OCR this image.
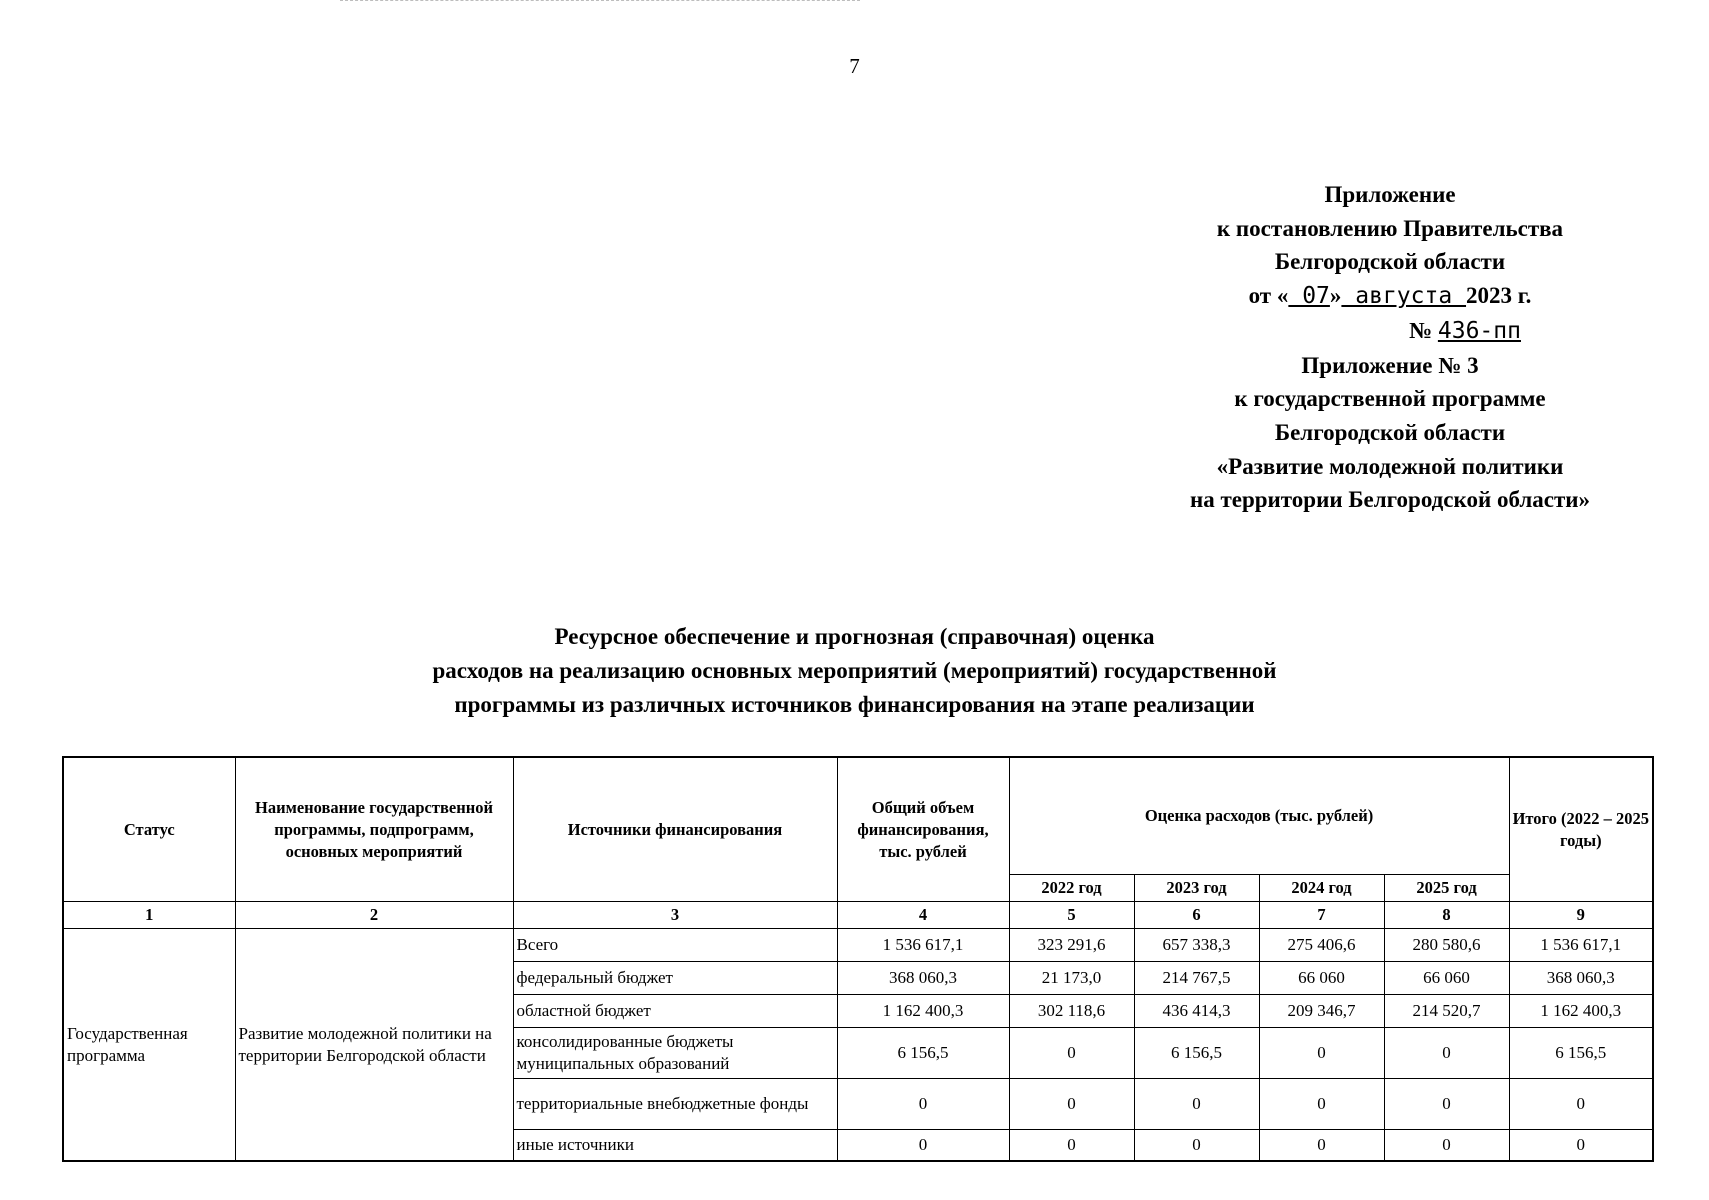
7
Приложение
к постановлению Правительства
Белгородской области
от « 07» августа 2023 г.
№ 436-пп
Приложение № 3
к государственной программе
Белгородской области
«Развитие молодежной политики
на территории Белгородской области»
Ресурсное обеспечение и прогнозная (справочная) оценка
расходов на реализацию основных мероприятий (мероприятий) государственной
программы из различных источников финансирования на этапе реализации
Статус	Наименование государственной программы, подпрограмм, основных мероприятий	Источники финансирования	Общий объем финансирования, тыс. рублей	Оценка расходов (тыс. рублей)				Итого (2022 – 2025 годы)
				2022 год	2023 год	2024 год	2025 год	
1	2	3	4	5	6	7	8	9
Государственная программа	Развитие молодежной политики на территории Белгородской области	Всего	1 536 617,1	323 291,6	657 338,3	275 406,6	280 580,6	1 536 617,1
		федеральный бюджет	368 060,3	21 173,0	214 767,5	66 060	66 060	368 060,3
		областной бюджет	1 162 400,3	302 118,6	436 414,3	209 346,7	214 520,7	1 162 400,3
		консолидированные бюджеты муниципальных образований	6 156,5	0	6 156,5	0	0	6 156,5
		территориальные внебюджетные фонды	0	0	0	0	0	0
		иные источники	0	0	0	0	0	0
